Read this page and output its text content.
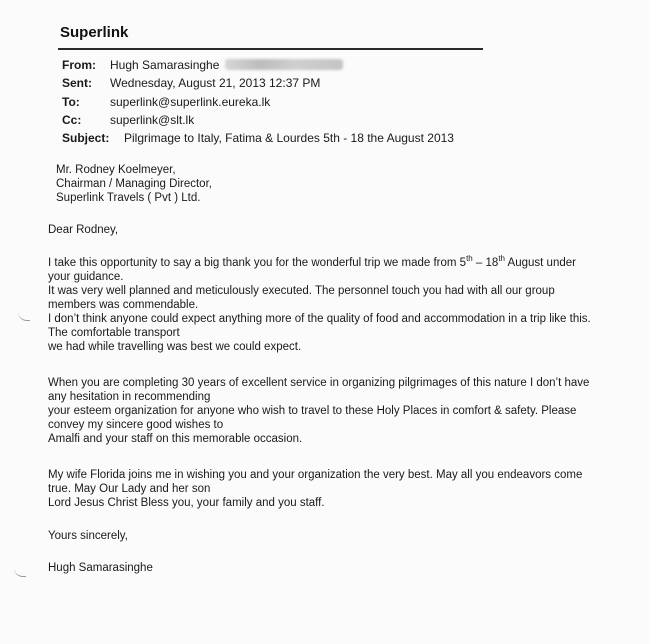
Superlink
From: Hugh Samarasinghe
Sent: Wednesday, August 21, 2013 12:37 PM
To:	superlink@superlink.eureka.lk
Cc: superlink@slt.lk
Subject: Pilgrimage to Italy, Fatima & Lourdes 5th - 18 the August 2013
Mr. Rodney Koelmeyer,
Chairman / Managing Director,
Superlink Travels ( Pvt ) Ltd.
Dear Rodney,
I take this opportunity to say a big thank you for the wonderful trip we made from 5th – 18th August under
your guidance.
It was very well planned and meticulously executed. The personnel touch you had with all our group
members was commendable.
I don’t think anyone could expect anything more of the quality of food and accommodation in a trip like this.
The comfortable transport
we had while travelling was best we could expect.
When you are completing 30 years of excellent service in organizing pilgrimages of this nature I don’t have
any hesitation in recommending
your esteem organization for anyone who wish to travel to these Holy Places in comfort & safety. Please
convey my sincere good wishes to
Amalfi and your staff on this memorable occasion.
My wife Florida joins me in wishing you and your organization the very best. May all you endeavors come
true. May Our Lady and her son
Lord Jesus Christ Bless you, your family and you staff.
Yours sincerely,
Hugh Samarasinghe
